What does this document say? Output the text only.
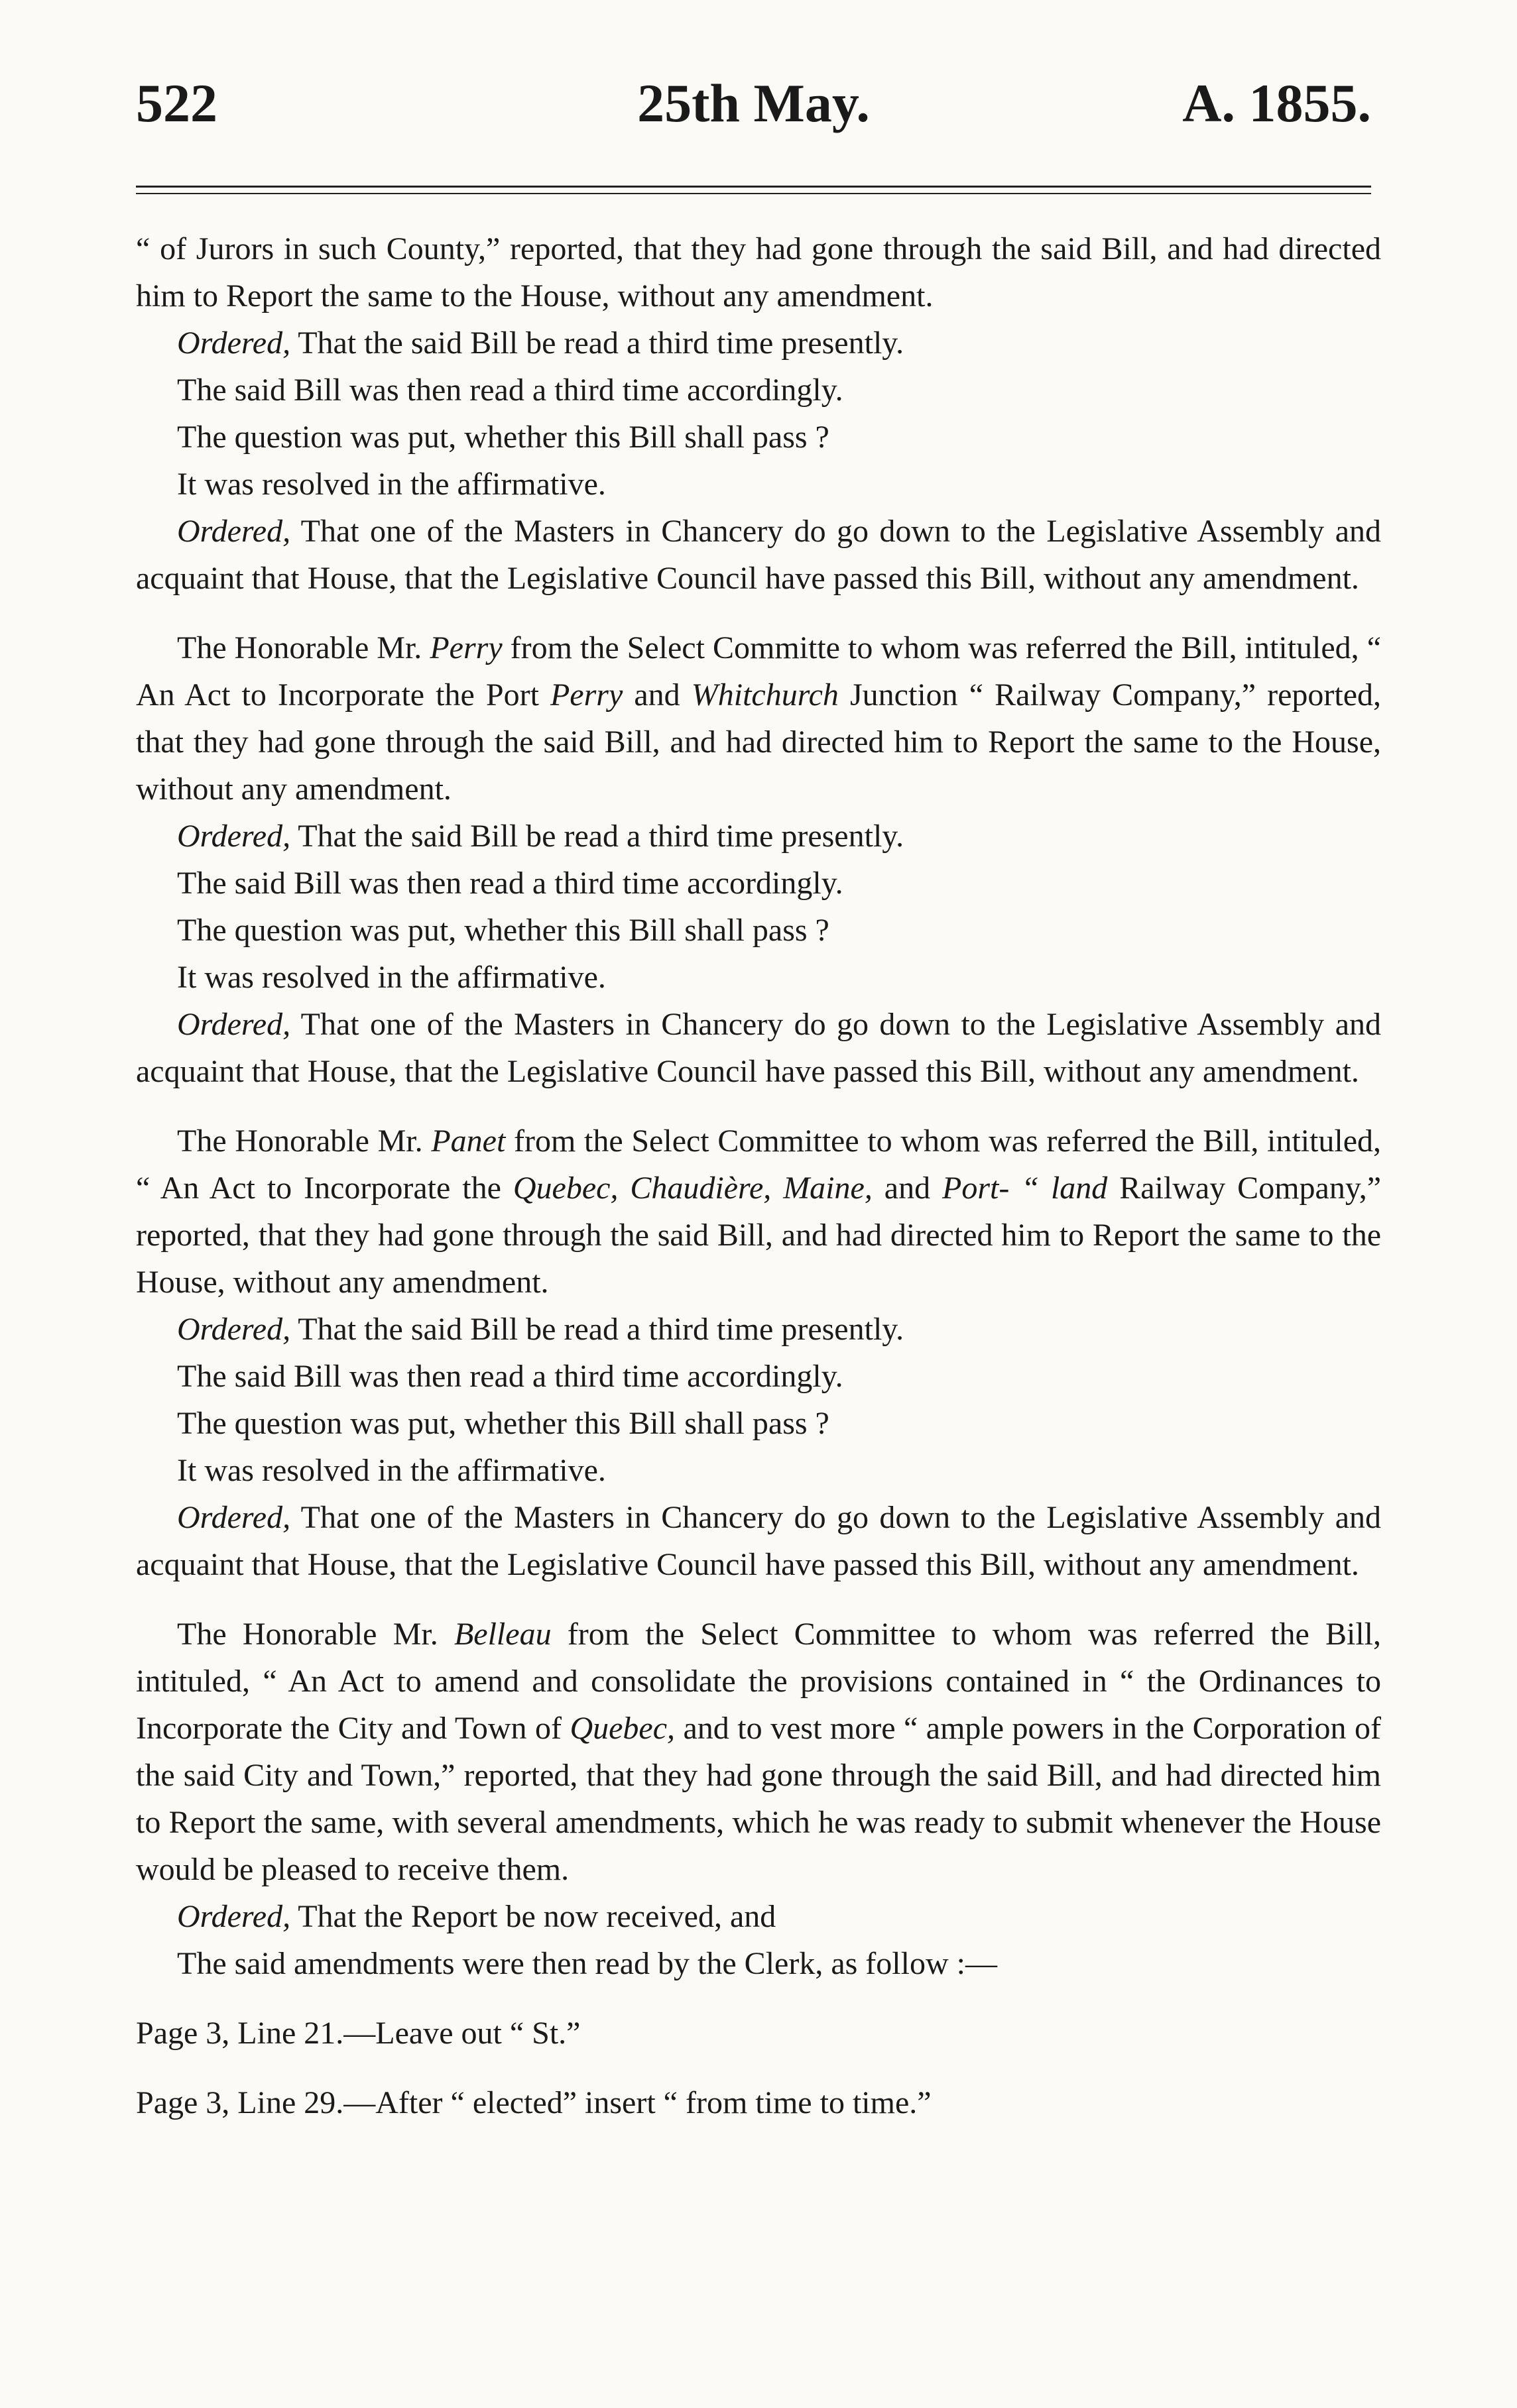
522	25th May.	A. 1855.

“ of Jurors in such County,” reported, that they had gone through the said Bill, and had directed him to Report the same to the House, without any amendment.

Ordered, That the said Bill be read a third time presently.

The said Bill was then read a third time accordingly.

The question was put, whether this Bill shall pass ?

It was resolved in the affirmative.

Ordered, That one of the Masters in Chancery do go down to the Legislative Assembly and acquaint that House, that the Legislative Council have passed this Bill, without any amendment.

The Honorable Mr. Perry from the Select Committe to whom was referred the Bill, intituled, “ An Act to Incorporate the Port Perry and Whitchurch Junction “ Railway Company,” reported, that they had gone through the said Bill, and had directed him to Report the same to the House, without any amendment.

Ordered, That the said Bill be read a third time presently.

The said Bill was then read a third time accordingly.

The question was put, whether this Bill shall pass ?

It was resolved in the affirmative.

Ordered, That one of the Masters in Chancery do go down to the Legislative Assembly and acquaint that House, that the Legislative Council have passed this Bill, without any amendment.

The Honorable Mr. Panet from the Select Committee to whom was referred the Bill, intituled, “ An Act to Incorporate the Quebec, Chaudière, Maine, and Port- “ land Railway Company,” reported, that they had gone through the said Bill, and had directed him to Report the same to the House, without any amendment.

Ordered, That the said Bill be read a third time presently.

The said Bill was then read a third time accordingly.

The question was put, whether this Bill shall pass ?

It was resolved in the affirmative.

Ordered, That one of the Masters in Chancery do go down to the Legislative Assembly and acquaint that House, that the Legislative Council have passed this Bill, without any amendment.

The Honorable Mr. Belleau from the Select Committee to whom was referred the Bill, intituled, “ An Act to amend and consolidate the provisions contained in “ the Ordinances to Incorporate the City and Town of Quebec, and to vest more “ ample powers in the Corporation of the said City and Town,” reported, that they had gone through the said Bill, and had directed him to Report the same, with several amendments, which he was ready to submit whenever the House would be pleased to receive them.

Ordered, That the Report be now received, and

The said amendments were then read by the Clerk, as follow :—

Page 3, Line 21.—Leave out “ St.”

Page 3, Line 29.—After “ elected” insert “ from time to time.”
